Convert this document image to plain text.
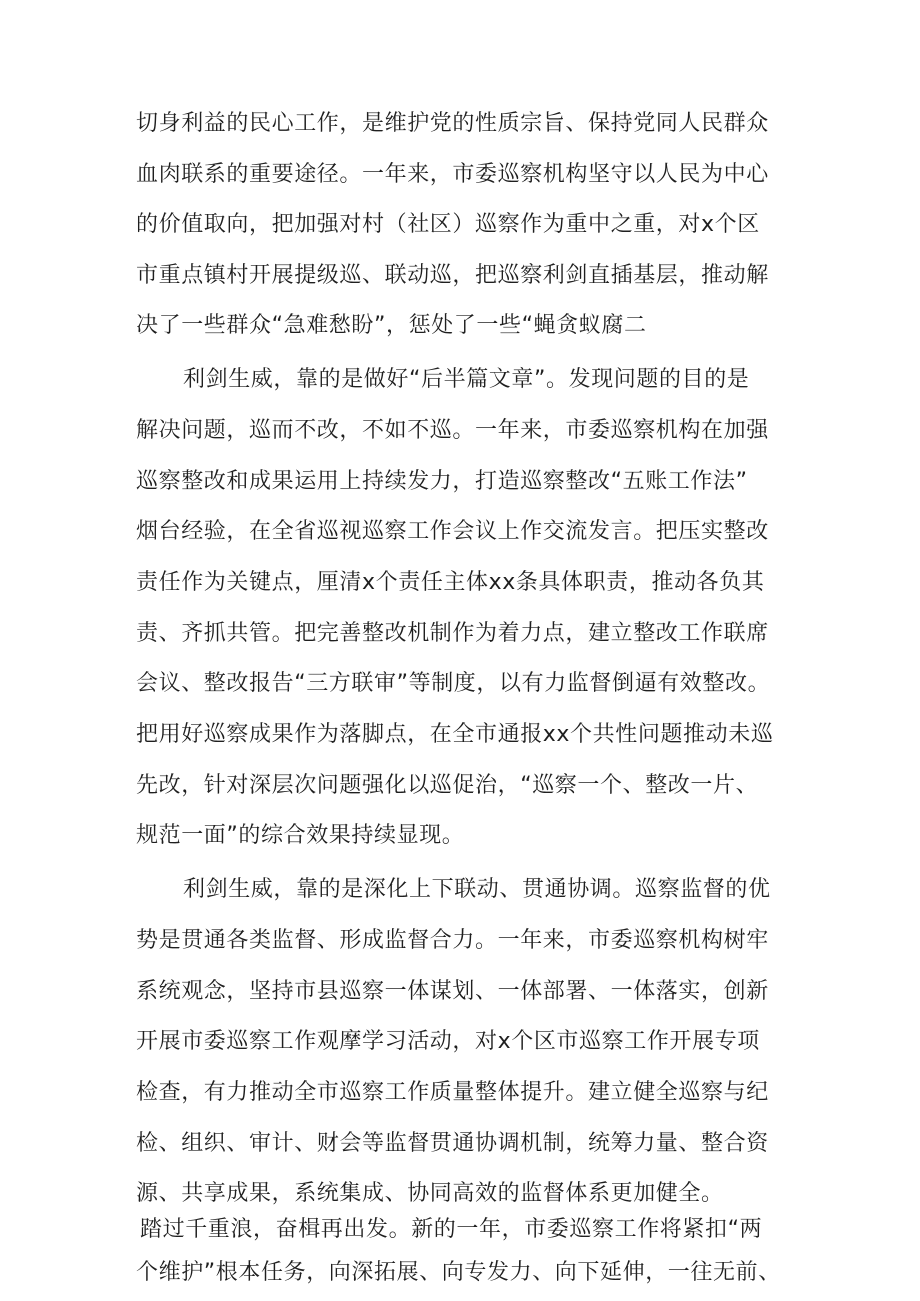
切身利益的民心工作，是维护党的性质宗旨、保持党同人民群众
血肉联系的重要途径。一年来，市委巡察机构坚守以人民为中心
的价值取向，把加强对村（社区）巡察作为重中之重，对x个区
市重点镇村开展提级巡、联动巡，把巡察利剑直插基层，推动解
决了一些群众“急难愁盼”，惩处了一些“蝇贪蚁腐二
利剑生威，靠的是做好“后半篇文章”。发现问题的目的是
解决问题，巡而不改，不如不巡。一年来，市委巡察机构在加强
巡察整改和成果运用上持续发力，打造巡察整改“五账工作法”
烟台经验，在全省巡视巡察工作会议上作交流发言。把压实整改
责任作为关键点，厘清x个责任主体xx条具体职责，推动各负其
责、齐抓共管。把完善整改机制作为着力点，建立整改工作联席
会议、整改报告“三方联审”等制度，以有力监督倒逼有效整改。
把用好巡察成果作为落脚点，在全市通报xx个共性问题推动未巡
先改，针对深层次问题强化以巡促治，“巡察一个、整改一片、
规范一面”的综合效果持续显现。
利剑生威，靠的是深化上下联动、贯通协调。巡察监督的优
势是贯通各类监督、形成监督合力。一年来，市委巡察机构树牢
系统观念，坚持市县巡察一体谋划、一体部署、一体落实，创新
开展市委巡察工作观摩学习活动，对x个区市巡察工作开展专项
检查，有力推动全市巡察工作质量整体提升。建立健全巡察与纪
检、组织、审计、财会等监督贯通协调机制，统筹力量、整合资
源、共享成果，系统集成、协同高效的监督体系更加健全。
踏过千重浪，奋楫再出发。新的一年，市委巡察工作将紧扣“两
个维护”根本任务，向深拓展、向专发力、向下延伸，一往无前、
